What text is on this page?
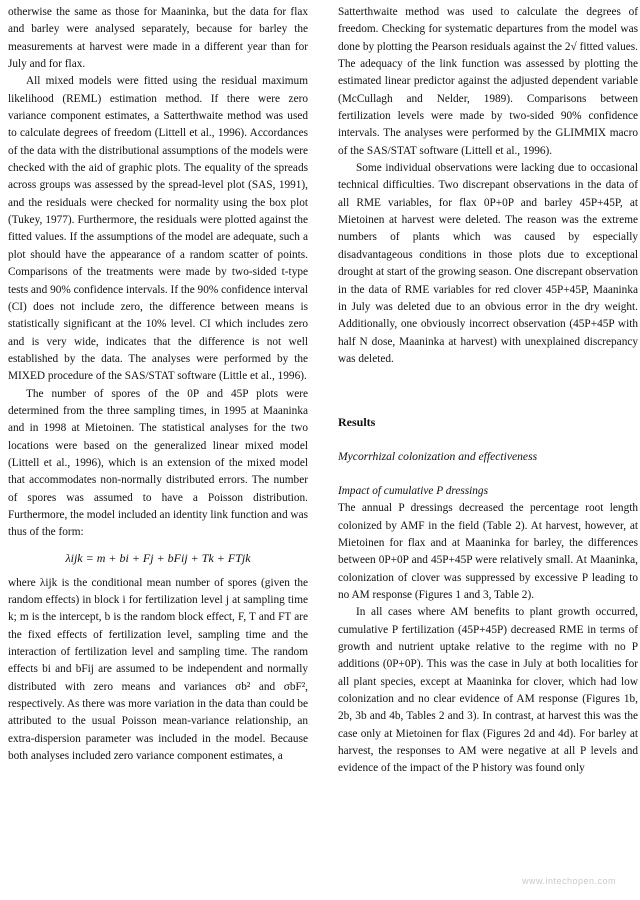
otherwise the same as those for Maaninka, but the data for flax and barley were analysed separately, because for barley the measurements at harvest were made in a different year than for July and for flax.

All mixed models were fitted using the residual maximum likelihood (REML) estimation method. If there were zero variance component estimates, a Satterthwaite method was used to calculate degrees of freedom (Littell et al., 1996). Accordances of the data with the distributional assumptions of the models were checked with the aid of graphic plots. The equality of the spreads across groups was assessed by the spread-level plot (SAS, 1991), and the residuals were checked for normality using the box plot (Tukey, 1977). Furthermore, the residuals were plotted against the fitted values. If the assumptions of the model are adequate, such a plot should have the appearance of a random scatter of points. Comparisons of the treatments were made by two-sided t-type tests and 90% confidence intervals. If the 90% confidence interval (CI) does not include zero, the difference between means is statistically significant at the 10% level. CI which includes zero and is very wide, indicates that the difference is not well established by the data. The analyses were performed by the MIXED procedure of the SAS/STAT software (Little et al., 1996).

The number of spores of the 0P and 45P plots were determined from the three sampling times, in 1995 at Maaninka and in 1998 at Mietoinen. The statistical analyses for the two locations were based on the generalized linear mixed model (Littell et al., 1996), which is an extension of the mixed model that accommodates non-normally distributed errors. The number of spores was assumed to have a Poisson distribution. Furthermore, the model included an identity link function and was thus of the form:

λijk = m + bi + Fj + bFij + Tk + FTjk

where λijk is the conditional mean number of spores (given the random effects) in block i for fertilization level j at sampling time k; m is the intercept, b is the random block effect, F, T and FT are the fixed effects of fertilization level, sampling time and the interaction of fertilization level and sampling time. The random effects bi and bFij are assumed to be independent and normally distributed with zero means and variances σb² and σbF², respectively. As there was more variation in the data than could be attributed to the usual Poisson mean-variance relationship, an extra-dispersion parameter was included in the model. Because both analyses included zero variance component estimates, a

Satterthwaite method was used to calculate the degrees of freedom. Checking for systematic departures from the model was done by plotting the Pearson residuals against the 2√ fitted values. The adequacy of the link function was assessed by plotting the estimated linear predictor against the adjusted dependent variable (McCullagh and Nelder, 1989). Comparisons between fertilization levels were made by two-sided 90% confidence intervals. The analyses were performed by the GLIMMIX macro of the SAS/STAT software (Littell et al., 1996).

Some individual observations were lacking due to occasional technical difficulties. Two discrepant observations in the data of all RME variables, for flax 0P+0P and barley 45P+45P, at Mietoinen at harvest were deleted. The reason was the extreme numbers of plants which was caused by especially disadvantageous conditions in those plots due to exceptional drought at start of the growing season. One discrepant observation in the data of RME variables for red clover 45P+45P, Maaninka in July was deleted due to an obvious error in the dry weight. Additionally, one obviously incorrect observation (45P+45P with half N dose, Maaninka at harvest) with unexplained discrepancy was deleted.

Results
Mycorrhizal colonization and effectiveness
Impact of cumulative P dressings

The annual P dressings decreased the percentage root length colonized by AMF in the field (Table 2). At harvest, however, at Mietoinen for flax and at Maaninka for barley, the differences between 0P+0P and 45P+45P were relatively small. At Maaninka, colonization of clover was suppressed by excessive P leading to no AM response (Figures 1 and 3, Table 2).

In all cases where AM benefits to plant growth occurred, cumulative P fertilization (45P+45P) decreased RME in terms of growth and nutrient uptake relative to the regime with no P additions (0P+0P). This was the case in July at both localities for all plant species, except at Maaninka for clover, which had low colonization and no clear evidence of AM response (Figures 1b, 2b, 3b and 4b, Tables 2 and 3). In contrast, at harvest this was the case only at Mietoinen for flax (Figures 2d and 4d). For barley at harvest, the responses to AM were negative at all P levels and evidence of the impact of the P history was found only

www.intechopen.com
